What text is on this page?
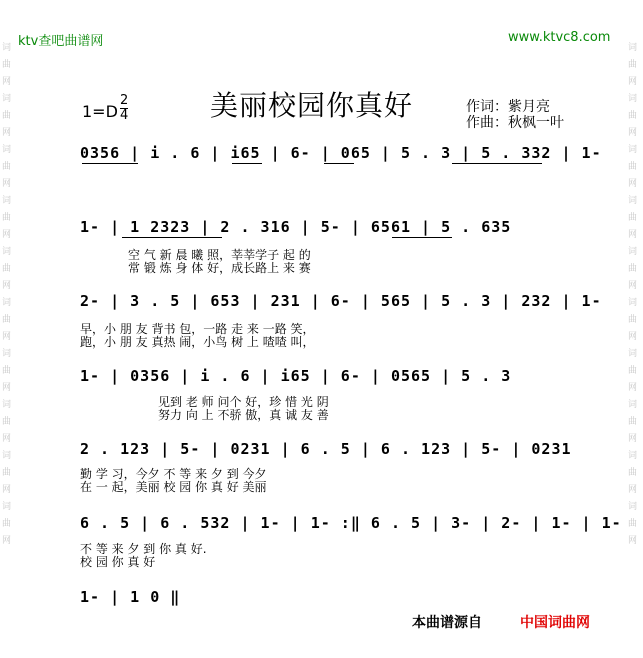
ktv查吧曲谱网	www.ktvc8.com
词
曲
网
词
曲
网
词
曲
网
词
曲
网
词
曲
网
词
曲
网
词
曲
网
词
曲
网
词
曲
网
词
曲
网
词
曲
网
词
曲
网
词
曲
网
词
曲
网
词
曲
网
词
曲
网
词
曲
网
词
曲
网
词
曲
网
词
曲
网
1=D
2
4	美丽校园你真好	作词：紫月亮
作曲：秋枫一叶
0356 | i . 6 | i65 | 6- | 065 | 5 . 3 | 5 . 332 | 1-
1- | 1 2323 | 2 . 316 | 5- | 6561 | 5 . 635
空 气 新 晨 曦 照，莘莘学子 起 的
常 锻 炼 身 体 好，成长路上 来 赛
2- | 3 . 5 | 653 | 231 | 6- | 565 | 5 . 3 | 232 | 1-
早，小 朋 友 背书 包，一路 走 来 一路 笑，
跑，小 朋 友 真热 闹，小鸟 树 上 喳喳 叫，
1- | 0356 | i . 6 | i65 | 6- | 0565 | 5 . 3
见到 老 师 问个 好，珍 惜 光 阴
努力 向 上 不骄 傲，真 诚 友 善
2 . 123 | 5- | 0231 | 6 . 5 | 6 . 123 | 5- | 0231
勤 学 习，今夕 不 等 来 夕 到 今夕
在 一 起，美丽 校 园 你 真 好 美丽
6 . 5 | 6 . 532 | 1- | 1- :‖ 6 . 5 | 3- | 2- | 1- | 1-
不 等 来 夕 到 你 真 好.
校 园 你 真 好
1- | 1 0 ‖
本曲谱源自	中国词曲网
